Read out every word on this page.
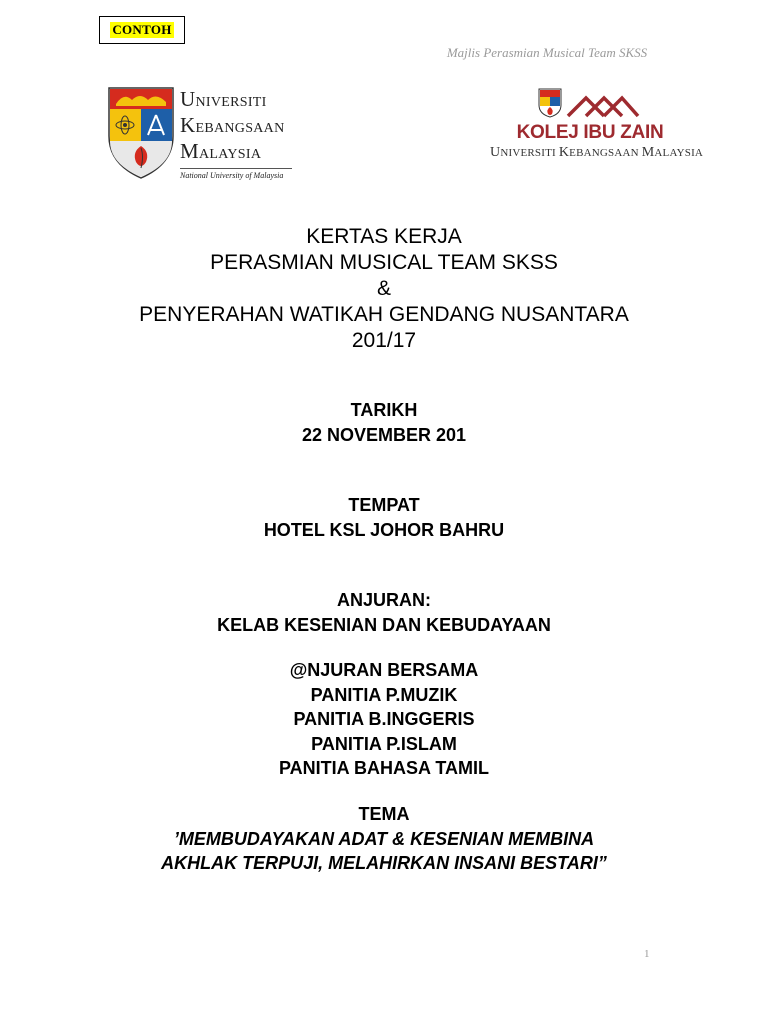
CONTOH
Majlis Perasmian Musical Team SKSS
UNIVERSITI
KEBANGSAAN
MALAYSIA
National University of Malaysia
KOLEJ IBU ZAIN
UNIVERSITI KEBANGSAAN MALAYSIA
KERTAS KERJA
PERASMIAN MUSICAL TEAM SKSS
&
PENYERAHAN WATIKAH GENDANG NUSANTARA
201/17
TARIKH
22 NOVEMBER 201
TEMPAT
HOTEL KSL JOHOR BAHRU
ANJURAN:
KELAB KESENIAN DAN KEBUDAYAAN
@NJURAN BERSAMA
PANITIA P.MUZIK
PANITIA B.INGGERIS
PANITIA P.ISLAM
PANITIA BAHASA TAMIL
TEMA
’MEMBUDAYAKAN ADAT & KESENIAN MEMBINA
AKHLAK TERPUJI, MELAHIRKAN INSANI BESTARI”
1
